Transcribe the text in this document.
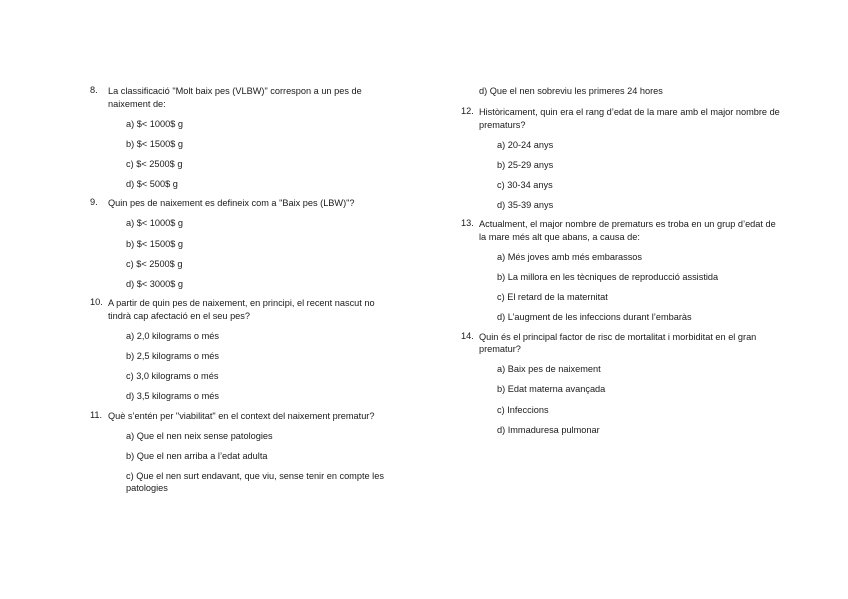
8. La classificació "Molt baix pes (VLBW)" correspon a un pes de naixement de:
a) $< 1000$ g
b) $< 1500$ g
c) $< 2500$ g
d) $< 500$ g
9. Quin pes de naixement es defineix com a "Baix pes (LBW)"?
a) $< 1000$ g
b) $< 1500$ g
c) $< 2500$ g
d) $< 3000$ g
10. A partir de quin pes de naixement, en principi, el recent nascut no tindrà cap afectació en el seu pes?
a) 2,0 kilograms o més
b) 2,5 kilograms o més
c) 3,0 kilograms o més
d) 3,5 kilograms o més
11. Què s’entén per "viabilitat" en el context del naixement prematur?
a) Que el nen neix sense patologies
b) Que el nen arriba a l’edat adulta
c) Que el nen surt endavant, que viu, sense tenir en compte les patologies
d) Que el nen sobreviu les primeres 24 hores
12. Històricament, quin era el rang d’edat de la mare amb el major nombre de prematurs?
a) 20-24 anys
b) 25-29 anys
c) 30-34 anys
d) 35-39 anys
13. Actualment, el major nombre de prematurs es troba en un grup d’edat de la mare més alt que abans, a causa de:
a) Més joves amb més embarassos
b) La millora en les tècniques de reproducció assistida
c) El retard de la maternitat
d) L’augment de les infeccions durant l’embaràs
14. Quin és el principal factor de risc de mortalitat i morbiditat en el gran prematur?
a) Baix pes de naixement
b) Edat materna avançada
c) Infeccions
d) Immaduresa pulmonar
